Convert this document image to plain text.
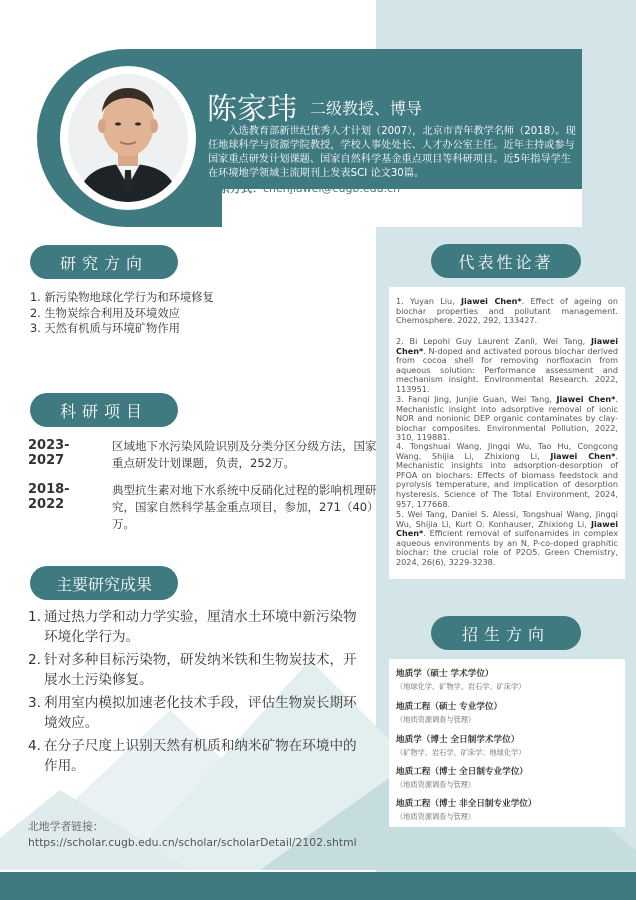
陈家玮 二级教授、博导
入选教育部新世纪优秀人才计划（2007），北京市青年教学名师（2018）。现任地球科学与资源学院教授，学校人事处处长、人才办公室主任。近年主持或参与国家重点研发计划课题、国家自然科学基金重点项目等科研项目。近5年指导学生在环境地学领域主流期刊上发表SCI 论文30篇。
联系方式：chenjiawei@cugb.edu.cn
研究方向
1. 新污染物地球化学行为和环境修复
2. 生物炭综合利用及环境效应
3. 天然有机质与环境矿物作用
科研项目
2023-2027
区域地下水污染风险识别及分类分区分级方法，国家重点研发计划课题，负责，252万。
2018-2022
典型抗生素对地下水系统中反硝化过程的影响机理研究，国家自然科学基金重点项目，参加，271（40）万。
主要研究成果
1. 通过热力学和动力学实验，厘清水土环境中新污染物环境化学行为。
2. 针对多种目标污染物，研发纳米铁和生物炭技术，开展水土污染修复。
3. 利用室内模拟加速老化技术手段，评估生物炭长期环境效应。
4. 在分子尺度上识别天然有机质和纳米矿物在环境中的作用。
北地学者链接：
https://scholar.cugb.edu.cn/scholar/scholarDetail/2102.shtml
代表性论著
1. Yuyan Liu, Jiawei Chen*. Effect of ageing on biochar properties and pollutant management. Chemosphere. 2022, 292, 133427.
2. Bi Lepohi Guy Laurent Zanli, Wei Tang, Jiawei Chen*. N-doped and activated porous biochar derived from cocoa shell for removing norfloxacin from aqueous solution: Performance assessment and mechanism insight. Environmental Research. 2022, 113951.
3. Fanqi Jing, Junjie Guan, Wei Tang, Jiawei Chen*. Mechanistic insight into adsorptive removal of ionic NOR and nonionic DEP organic contaminates by clay-biochar composites. Environmental Pollution, 2022, 310, 119881.
4. Tongshuai Wang, Jingqi Wu, Tao Hu, Congcong Wang, Shijia Li, Zhixiong Li, Jiawei Chen*. Mechanistic insights into adsorption-desorption of PFOA on biochars: Effects of biomass feedstock and pyrolysis temperature, and implication of desorption hysteresis. Science of The Total Environment, 2024, 957, 177668.
5. Wei Tang, Daniel S. Alessi, Tongshuai Wang, Jingqi Wu, Shijia Li, Kurt O. Konhauser, Zhixiong Li, Jiawei Chen*. Efficient removal of sulfonamides in complex aqueous environments by an N, P-co-doped graphitic biochar: the crucial role of P2O5. Green Chemistry, 2024, 26(6), 3229-3238.
招生方向
地质学（硕士 学术学位）
（地球化学、矿物学、岩石学、矿床学）
地质工程（硕士 专业学位）
（地质资源调查与管理）
地质学（博士 全日制学术学位）
（矿物学、岩石学、矿床学、地球化学）
地质工程（博士 全日制专业学位）
（地质资源调查与管理）
地质工程（博士 非全日制专业学位）
（地质资源调查与管理）
